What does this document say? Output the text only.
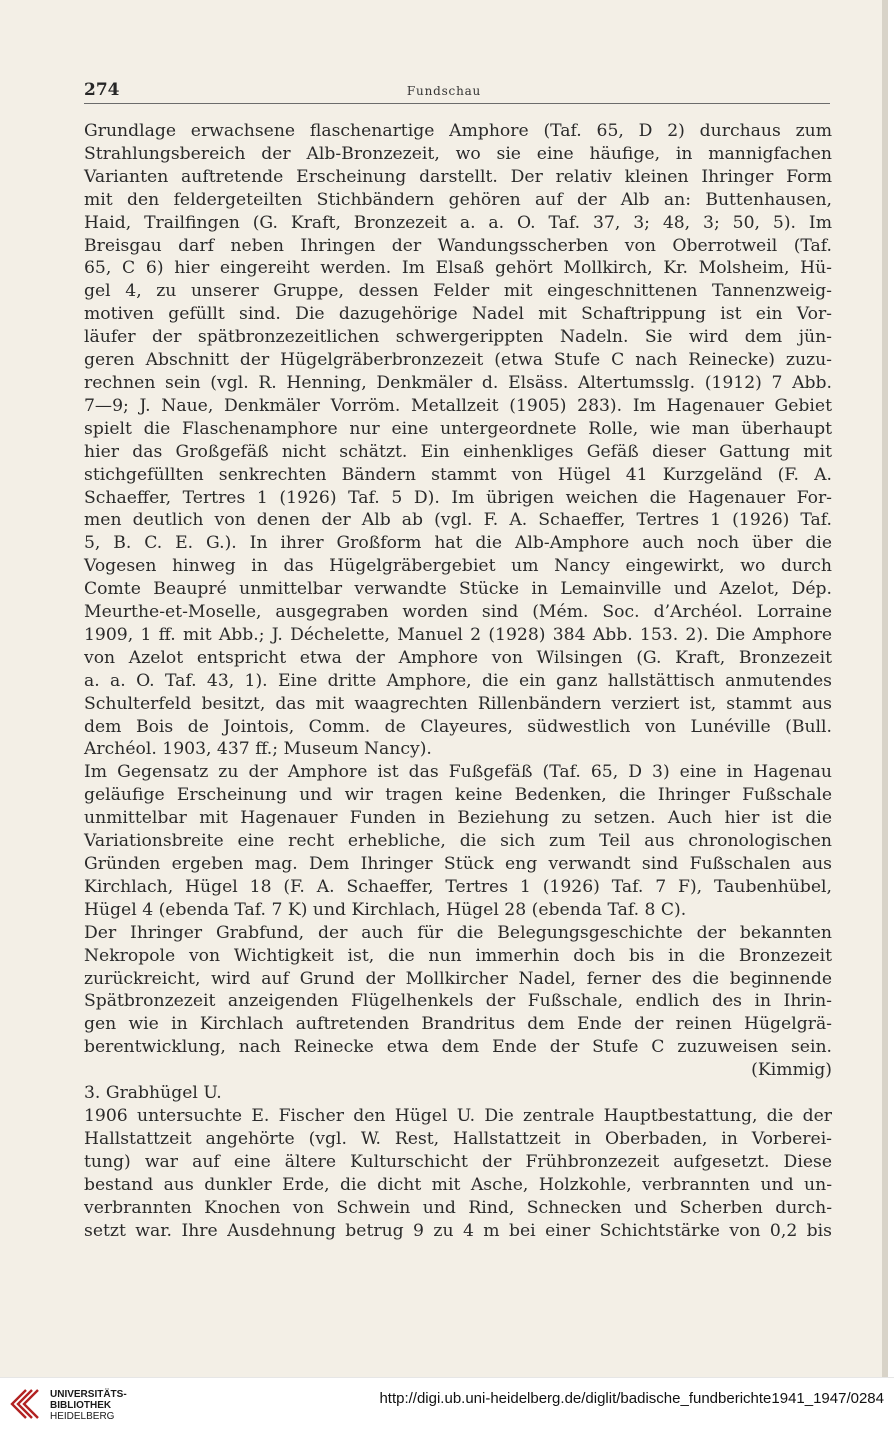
274	Fundschau

Grundlage erwachsene flaschenartige Amphore (Taf. 65, D 2) durchaus zum

Strahlungsbereich der Alb-Bronzezeit, wo sie eine häufige, in mannigfachen

Varianten auftretende Erscheinung darstellt. Der relativ kleinen Ihringer Form

mit den feldergeteilten Stichbändern gehören auf der Alb an: Buttenhausen,

Haid, Trailfingen (G. Kraft, Bronzezeit a. a. O. Taf. 37, 3; 48, 3; 50, 5). Im

Breisgau darf neben Ihringen der Wandungsscherben von Oberrotweil (Taf.

65, C 6) hier eingereiht werden. Im Elsaß gehört Mollkirch, Kr. Molsheim, Hü-

gel 4, zu unserer Gruppe, dessen Felder mit eingeschnittenen Tannenzweig-

motiven gefüllt sind. Die dazugehörige Nadel mit Schaftrippung ist ein Vor-

läufer der spätbronzezeitlichen schwergerippten Nadeln. Sie wird dem jün-

geren Abschnitt der Hügelgräberbronzezeit (etwa Stufe C nach Reinecke) zuzu-

rechnen sein (vgl. R. Henning, Denkmäler d. Elsäss. Altertumsslg. (1912) 7 Abb.

7—9; J. Naue, Denkmäler Vorröm. Metallzeit (1905) 283). Im Hagenauer Gebiet

spielt die Flaschenamphore nur eine untergeordnete Rolle, wie man überhaupt

hier das Großgefäß nicht schätzt. Ein einhenkliges Gefäß dieser Gattung mit

stichgefüllten senkrechten Bändern stammt von Hügel 41 Kurzgeländ (F. A.

Schaeffer, Tertres 1 (1926) Taf. 5 D). Im übrigen weichen die Hagenauer For-

men deutlich von denen der Alb ab (vgl. F. A. Schaeffer, Tertres 1 (1926) Taf.

5, B. C. E. G.). In ihrer Großform hat die Alb-Amphore auch noch über die

Vogesen hinweg in das Hügelgräbergebiet um Nancy eingewirkt, wo durch

Comte Beaupré unmittelbar verwandte Stücke in Lemainville und Azelot, Dép.

Meurthe-et-Moselle, ausgegraben worden sind (Mém. Soc. d’Archéol. Lorraine

1909, 1 ff. mit Abb.; J. Déchelette, Manuel 2 (1928) 384 Abb. 153. 2). Die Amphore

von Azelot entspricht etwa der Amphore von Wilsingen (G. Kraft, Bronzezeit

a. a. O. Taf. 43, 1). Eine dritte Amphore, die ein ganz hallstättisch anmutendes

Schulterfeld besitzt, das mit waagrechten Rillenbändern verziert ist, stammt aus

dem Bois de Jointois, Comm. de Clayeures, südwestlich von Lunéville (Bull.

Archéol. 1903, 437 ff.; Museum Nancy).

Im Gegensatz zu der Amphore ist das Fußgefäß (Taf. 65, D 3) eine in Hagenau

geläufige Erscheinung und wir tragen keine Bedenken, die Ihringer Fußschale

unmittelbar mit Hagenauer Funden in Beziehung zu setzen. Auch hier ist die

Variationsbreite eine recht erhebliche, die sich zum Teil aus chronologischen

Gründen ergeben mag. Dem Ihringer Stück eng verwandt sind Fußschalen aus

Kirchlach, Hügel 18 (F. A. Schaeffer, Tertres 1 (1926) Taf. 7 F), Taubenhübel,

Hügel 4 (ebenda Taf. 7 K) und Kirchlach, Hügel 28 (ebenda Taf. 8 C).

Der Ihringer Grabfund, der auch für die Belegungsgeschichte der bekannten

Nekropole von Wichtigkeit ist, die nun immerhin doch bis in die Bronzezeit

zurückreicht, wird auf Grund der Mollkircher Nadel, ferner des die beginnende

Spätbronzezeit anzeigenden Flügelhenkels der Fußschale, endlich des in Ihrin-

gen wie in Kirchlach auftretenden Brandritus dem Ende der reinen Hügelgrä-

berentwicklung, nach Reinecke etwa dem Ende der Stufe C zuzuweisen sein.

(Kimmig)

3. Grabhügel U.

1906 untersuchte E. Fischer den Hügel U. Die zentrale Hauptbestattung, die der

Hallstattzeit angehörte (vgl. W. Rest, Hallstattzeit in Oberbaden, in Vorberei-

tung) war auf eine ältere Kulturschicht der Frühbronzezeit aufgesetzt. Diese

bestand aus dunkler Erde, die dicht mit Asche, Holzkohle, verbrannten und un-

verbrannten Knochen von Schwein und Rind, Schnecken und Scherben durch-

setzt war. Ihre Ausdehnung betrug 9 zu 4 m bei einer Schichtstärke von 0,2 bis

UNIVERSITÄTS-
BIBLIOTHEK
HEIDELBERG
http://digi.ub.uni-heidelberg.de/diglit/badische_fundberichte1941_1947/0284
